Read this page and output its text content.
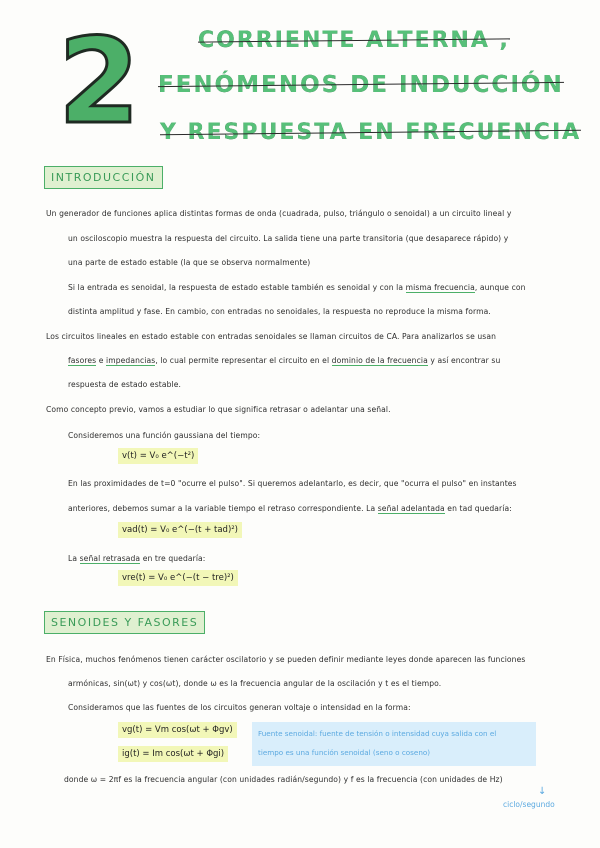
2	CORRIENTE ALTERNA ,
FENÓMENOS DE INDUCCIÓN
Y RESPUESTA EN FRECUENCIA
INTRODUCCIÓN
Un generador de funciones aplica distintas formas de onda (cuadrada, pulso, triángulo o senoidal) a un circuito lineal y
un osciloscopio muestra la respuesta del circuito. La salida tiene una parte transitoria (que desaparece rápido) y
una parte de estado estable (la que se observa normalmente)
Si la entrada es senoidal, la respuesta de estado estable también es senoidal y con la misma frecuencia, aunque con
distinta amplitud y fase. En cambio, con entradas no senoidales, la respuesta no reproduce la misma forma.
Los circuitos lineales en estado estable con entradas senoidales se llaman circuitos de CA. Para analizarlos se usan
fasores e impedancias, lo cual permite representar el circuito en el dominio de la frecuencia y así encontrar su
respuesta de estado estable.
Como concepto previo, vamos a estudiar lo que significa retrasar o adelantar una señal.
Consideremos una función gaussiana del tiempo:
v(t) = V₀ e^(−t²)
En las proximidades de t=0 "ocurre el pulso". Si queremos adelantarlo, es decir, que "ocurra el pulso" en instantes
anteriores, debemos sumar a la variable tiempo el retraso correspondiente. La señal adelantada en tad quedaría:
vad(t) = V₀ e^(−(t + tad)²)
La señal retrasada en tre quedaría:
vre(t) = V₀ e^(−(t − tre)²)
SENOIDES Y FASORES
En Física, muchos fenómenos tienen carácter oscilatorio y se pueden definir mediante leyes donde aparecen las funciones
armónicas, sin(ωt) y cos(ωt), donde ω es la frecuencia angular de la oscilación y t es el tiempo.
Consideramos que las fuentes de los circuitos generan voltaje o intensidad en la forma:
vg(t) = Vm cos(ωt + Φgv)
ig(t) = Im cos(ωt + Φgi)
Fuente senoidal: fuente de tensión o intensidad cuya salida con el
tiempo es una función senoidal (seno o coseno)
donde ω = 2πf es la frecuencia angular (con unidades radián/segundo) y f es la frecuencia (con unidades de Hz)
↓
ciclo/segundo
